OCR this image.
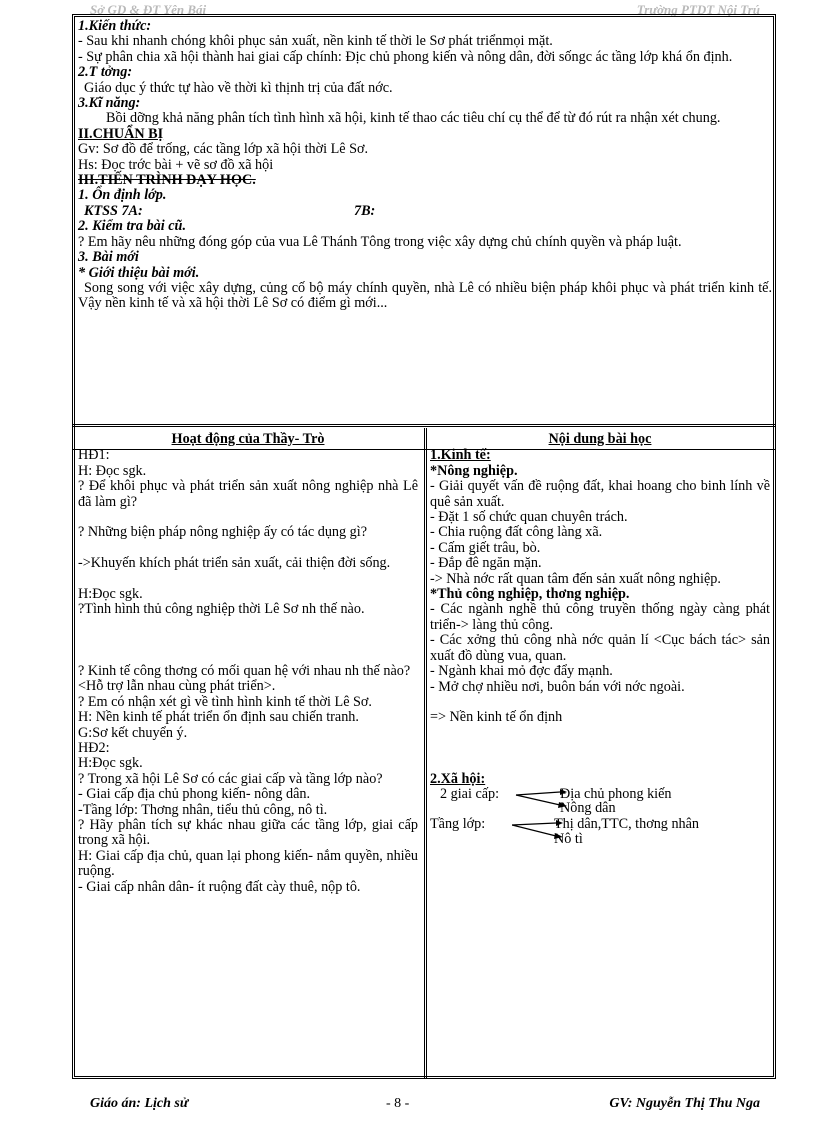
Sở GD & ĐT Yên Bái	Trường PTDT Nội Trú

1.Kiến thức:

- Sau khi nhanh chóng khôi phục sản xuất, nền kinh tế thời le Sơ phát triểnmọi mặt.

- Sự phân chia xã hội thành hai giai cấp chính: Địc chủ phong kiến và nông dân, đời sốngc ác tầng lớp khá ổn định.

2.T tởng:

Giáo dục ý thức tự hào về thời kì thịnh trị của đất nớc.

3.Kĩ năng:

Bồi dỡng khả năng phân tích tình hình xã hội, kinh tế thao các tiêu chí cụ thể để từ đó rút ra nhận xét chung.

II.CHUẨN BỊ

Gv: Sơ đồ để trống, các tầng lớp xã hội thời Lê Sơ.

Hs: Đọc trớc bài + vẽ sơ đồ xã hội

III.TIẾN TRÌNH DẠY HỌC.

1. Ổn định lớp.

KTSS 7A:	7B:

2. Kiểm tra bài cũ.

? Em hãy nêu những đóng góp của vua Lê Thánh Tông trong việc xây dựng chủ chính quyền và pháp luật.

3. Bài mới

* Giới thiệu bài mới.

Song song với việc xây dựng, củng cố bộ máy chính quyền, nhà Lê có nhiều biện pháp khôi phục và phát triển kinh tế. Vậy nền kinh tế và xã hội thời Lê Sơ có điểm gì mới...

Hoạt động của Thầy- Trò

HĐ1:

H: Đọc sgk.

? Để khôi phục và phát triển sản xuất nông nghiệp nhà Lê đã làm gì?

? Những biện pháp nông nghiệp ấy có tác dụng gì?

->Khuyến khích phát triển sản xuất, cải thiện đời sống.

H:Đọc sgk.

?Tình hình thủ công nghiệp thời Lê Sơ nh thế nào.

? Kinh tế công thơng có mối quan hệ với nhau nh thế nào?

<Hỗ trợ lẫn nhau cùng phát triển>.

? Em có nhận xét gì về tình hình kinh tế thời Lê Sơ.

H: Nền kinh tế phát triển ổn định sau chiến tranh.

G:Sơ kết chuyển ý.

HĐ2:

H:Đọc sgk.

? Trong xã hội Lê Sơ có các giai cấp và tầng lớp nào?

- Giai cấp địa chủ phong kiến- nông dân.

-Tầng lớp: Thơng nhân, tiểu thủ công, nô tì.

? Hãy phân tích sự khác nhau giữa các tầng lớp, giai cấp trong xã hội.

H: Giai cấp địa chủ, quan lại phong kiến- nắm quyền, nhiều ruộng.

- Giai cấp nhân dân- ít ruộng đất cày thuê, nộp tô.

Nội dung bài học

1.Kinh tế:

*Nông nghiệp.

- Giải quyết vấn đề ruộng đất, khai hoang cho binh lính về quê sản xuất.

- Đặt 1 số chức quan chuyên trách.

- Chia ruộng đất công làng xã.

- Cấm giết trâu, bò.

- Đắp đê ngăn mặn.

-> Nhà nớc rất quan tâm đến sản xuất nông nghiệp.

*Thủ công nghiệp, thơng nghiệp.

- Các ngành nghề thủ công truyền thống ngày càng phát triển-> làng thủ công.

- Các xởng thủ công nhà nớc quản lí <Cục bách tác> sản xuất đồ dùng vua, quan.

- Ngành khai mỏ đợc đẩy mạnh.

- Mở chợ nhiều nơi, buôn bán với nớc ngoài.

=> Nền kinh tế ổn định

2.Xã hội:

2 giai cấp:	Địa chủ phong kiến
Nông dân
Tầng lớp:	Thị dân,TTC, thơng nhân
Nô tì
Giáo án: Lịch sử	- 8 -	GV: Nguyễn Thị Thu Nga
